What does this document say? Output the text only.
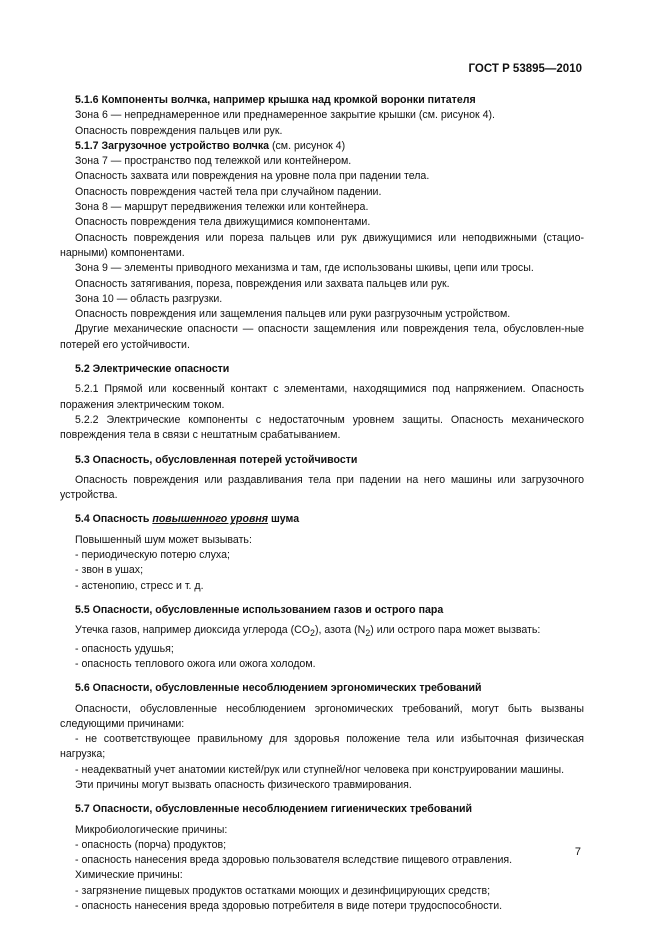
ГОСТ Р 53895—2010

5.1.6 Компоненты волчка, например крышка над кромкой воронки питателя

Зона 6 — непреднамеренное или преднамеренное закрытие крышки (см. рисунок 4).

Опасность повреждения пальцев или рук.

5.1.7 Загрузочное устройство волчка (см. рисунок 4)

Зона 7 — пространство под тележкой или контейнером.

Опасность захвата или повреждения на уровне пола при падении тела.

Опасность повреждения частей тела при случайном падении.

Зона 8 — маршрут передвижения тележки или контейнера.

Опасность повреждения тела движущимися компонентами.

Опасность повреждения или пореза пальцев или рук движущимися или неподвижными (стацио-нарными) компонентами.

Зона 9 — элементы приводного механизма и там, где использованы шкивы, цепи или тросы.

Опасность затягивания, пореза, повреждения или захвата пальцев или рук.

Зона 10 — область разгрузки.

Опасность повреждения или защемления пальцев или руки разгрузочным устройством.

Другие механические опасности — опасности защемления или повреждения тела, обусловлен-ные потерей его устойчивости.

5.2 Электрические опасности

5.2.1 Прямой или косвенный контакт с элементами, находящимися под напряжением. Опасность поражения электрическим током.

5.2.2 Электрические компоненты с недостаточным уровнем защиты. Опасность механического повреждения тела в связи с нештатным срабатыванием.

5.3 Опасность, обусловленная потерей устойчивости

Опасность повреждения или раздавливания тела при падении на него машины или загрузочного устройства.

5.4 Опасность повышенного уровня шума

Повышенный шум может вызывать:

- периодическую потерю слуха;

- звон в ушах;

- астенопию, стресс и т. д.

5.5 Опасности, обусловленные использованием газов и острого пара

Утечка газов, например диоксида углерода $(CO_2)$, азота $(N_2)$ или острого пара может вызвать:

- опасность удушья;

- опасность теплового ожога или ожога холодом.

5.6 Опасности, обусловленные несоблюдением эргономических требований

Опасности, обусловленные несоблюдением эргономических требований, могут быть вызваны следующими причинами:

- не соответствующее правильному для здоровья положение тела или избыточная физическая нагрузка;

- неадекватный учет анатомии кистей/рук или ступней/ног человека при конструировании машины.

Эти причины могут вызвать опасность физического травмирования.

5.7 Опасности, обусловленные несоблюдением гигиенических требований

Микробиологические причины:

- опасность (порча) продуктов;

- опасность нанесения вреда здоровью пользователя вследствие пищевого отравления.

Химические причины:

- загрязнение пищевых продуктов остатками моющих и дезинфицирующих средств;

- опасность нанесения вреда здоровью потребителя в виде потери трудоспособности.

7
